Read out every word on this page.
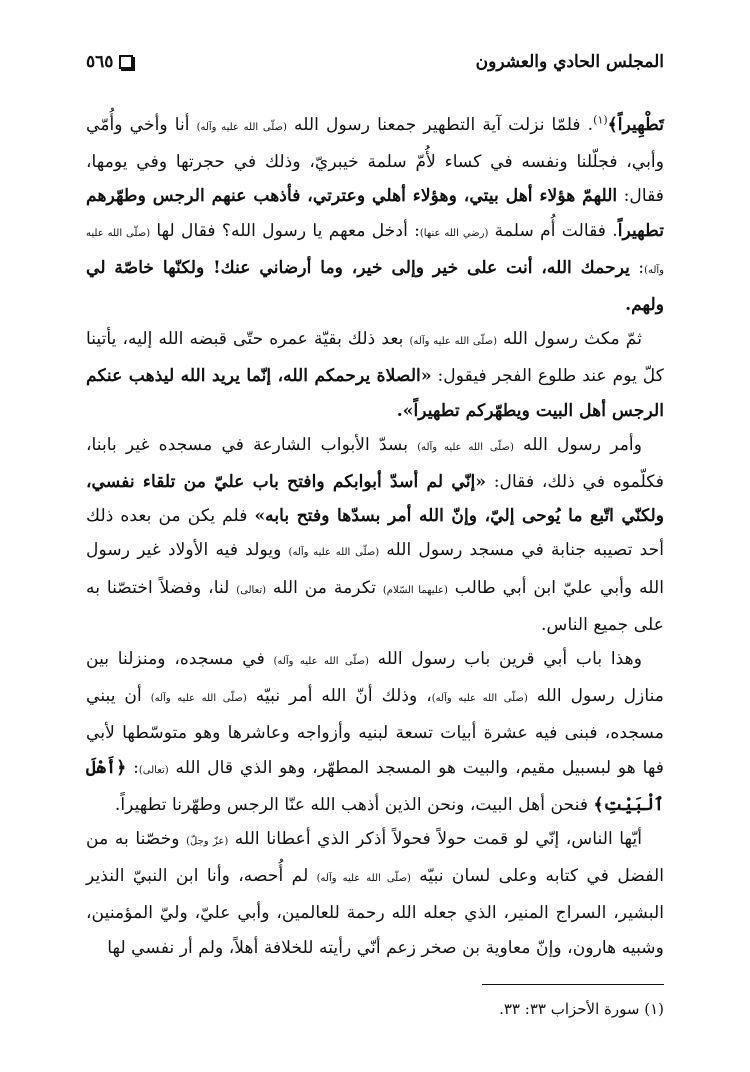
المجلس الحادي والعشرون
٥٦٥

تَطْهِيراً﴾$^{(١)}$. فلمّا نزلت آية التطهير جمعنا رسول الله (صلّى الله عليه وآله) أنا وأخي وأُمّي وأبي، فجلّلنا ونفسه في كساء لأُمّ سلمة خيبريّ، وذلك في حجرتها وفي يومها، فقال: اللهمّ هؤلاء أهل بيتي، وهؤلاء أهلي وعترتي، فأذهب عنهم الرجس وطهّرهم تطهيراً. فقالت أُم سلمة (رضي الله عنها): أدخل معهم يا رسول الله؟ فقال لها (صلّى الله عليه وآله): يرحمك الله، أنت على خير وإلى خير، وما أرضاني عنك! ولكنّها خاصّة لي ولهم.

ثمّ مكث رسول الله (صلّى الله عليه وآله) بعد ذلك بقيّة عمره حتّى قبضه الله إليه، يأتينا كلّ يوم عند طلوع الفجر فيقول: «الصلاة يرحمكم الله، إنّما يريد الله ليذهب عنكم الرجس أهل البيت ويطهّركم تطهيراً».

وأمر رسول الله (صلّى الله عليه وآله) بسدّ الأبواب الشارعة في مسجده غير بابنا، فكلّموه في ذلك، فقال: «إنّي لم أسدّ أبوابكم وافتح باب عليّ من تلقاء نفسي، ولكنّي اتّبع ما يُوحى إليّ، وإنّ الله أمر بسدّها وفتح بابه» فلم يكن من بعده ذلك أحد تصيبه جنابة في مسجد رسول الله (صلّى الله عليه وآله) ويولد فيه الأولاد غير رسول الله وأبي عليّ ابن أبي طالب (عليهما السّلام) تكرمة من الله (تعالى) لنا، وفضلاً اختصّنا به على جميع الناس.

وهذا باب أبي قرين باب رسول الله (صلّى الله عليه وآله) في مسجده، ومنزلنا بين منازل رسول الله (صلّى الله عليه وآله)، وذلك أنّ الله أمر نبيّه (صلّى الله عليه وآله) أن يبني مسجده، فبنى فيه عشرة أبيات تسعة لبنيه وأزواجه وعاشرها وهو متوسّطها لأبي فها هو لبسبيل مقيم، والبيت هو المسجد المطهّر، وهو الذي قال الله (تعالى): ﴿أَهْلَ ٱلْبَيْتِ﴾ فنحن أهل البيت، ونحن الذين أذهب الله عنّا الرجس وطهّرنا تطهيراً.

أيّها الناس، إنّي لو قمت حولاً فحولاً أذكر الذي أعطانا الله (عزّ وجلّ) وخصّنا به من الفضل في كتابه وعلى لسان نبيّه (صلّى الله عليه وآله) لم أُحصه، وأنا ابن النبيّ النذير البشير، السراج المنير، الذي جعله الله رحمة للعالمين، وأبي عليّ، وليّ المؤمنين، وشبيه هارون، وإنّ معاوية بن صخر زعم أنّي رأيته للخلافة أهلاً، ولم أر نفسي لها

(١) سورة الأحزاب ٣٣: ٣٣.
